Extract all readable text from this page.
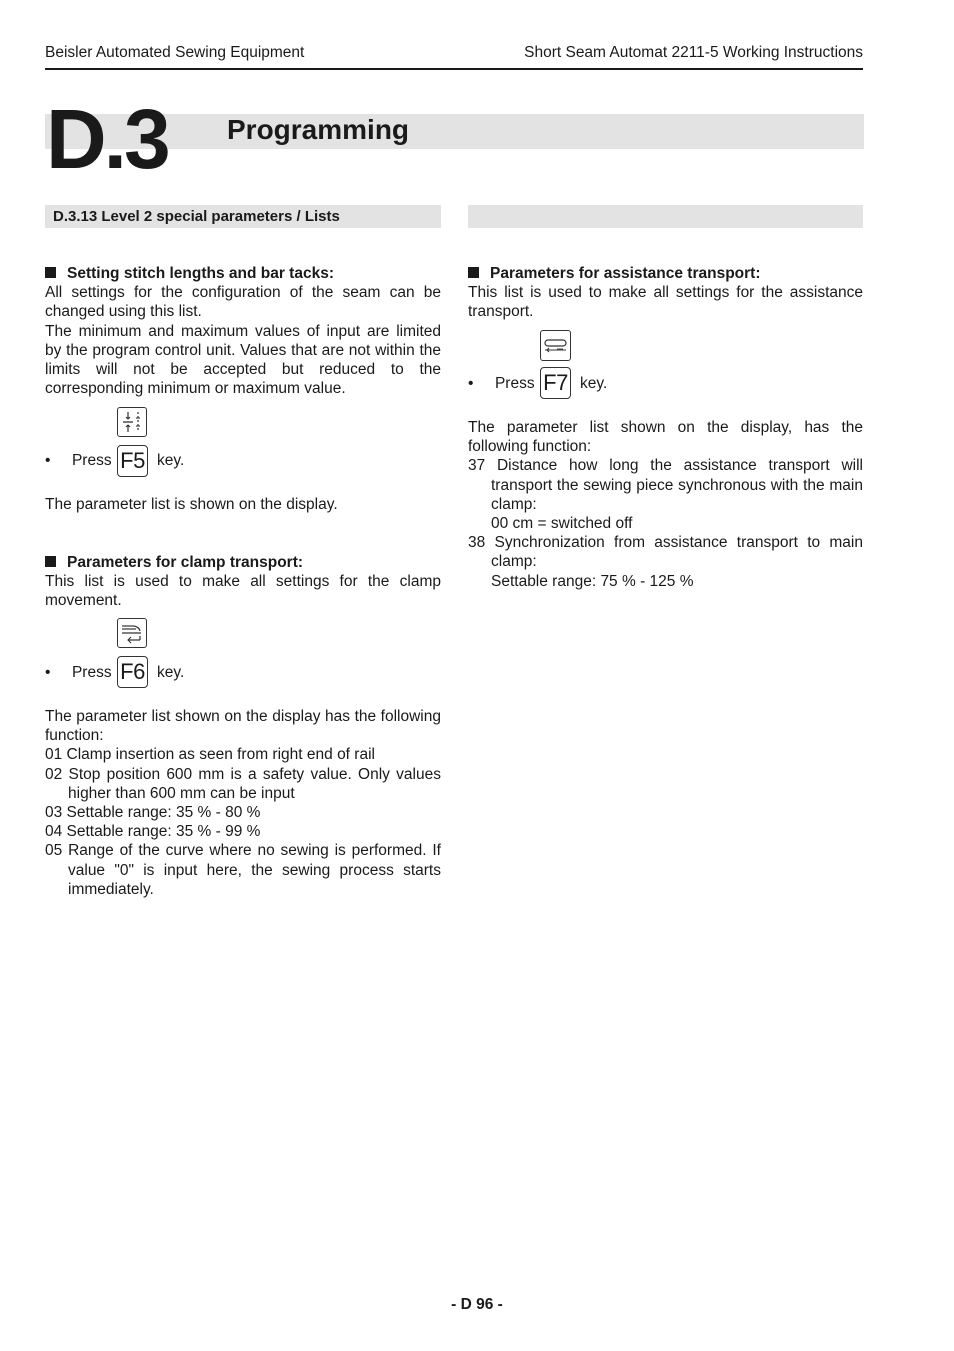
Beisler Automated Sewing Equipment	Short Seam Automat 2211-5 Working Instructions
D.3 Programming
D.3.13 Level 2 special parameters / Lists

Setting stitch lengths and bar tacks:

All settings for the configuration of the seam can be changed using this list.

The minimum and maximum values of input are limited by the program control unit. Values that are not within the limits will not be accepted but reduced to the corresponding minimum or maximum value.

•     Press F5 key.

The parameter list is shown on the display.

Parameters for clamp transport:

This list is used to make all settings for the clamp movement.

•     Press F6 key.

The parameter list shown on the display has the following function:

01 Clamp insertion as seen from right end of rail

02 Stop position 600 mm is a safety value. Only values higher than 600 mm can be input

03 Settable range: 35 % - 80 %

04 Settable range: 35 % - 99 %

05 Range of the curve where no sewing is performed. If value "0" is input here, the sewing process starts immediately.

Parameters for assistance transport:

This list is used to make all settings for the assistance transport.

•     Press F7 key.

The parameter list shown on the display, has the following function:

37 Distance how long the assistance transport will transport the sewing piece synchronous with the main clamp:

00 cm = switched off

38 Synchronization from assistance transport to main clamp:

Settable range: 75 % - 125 %

- D 96 -
